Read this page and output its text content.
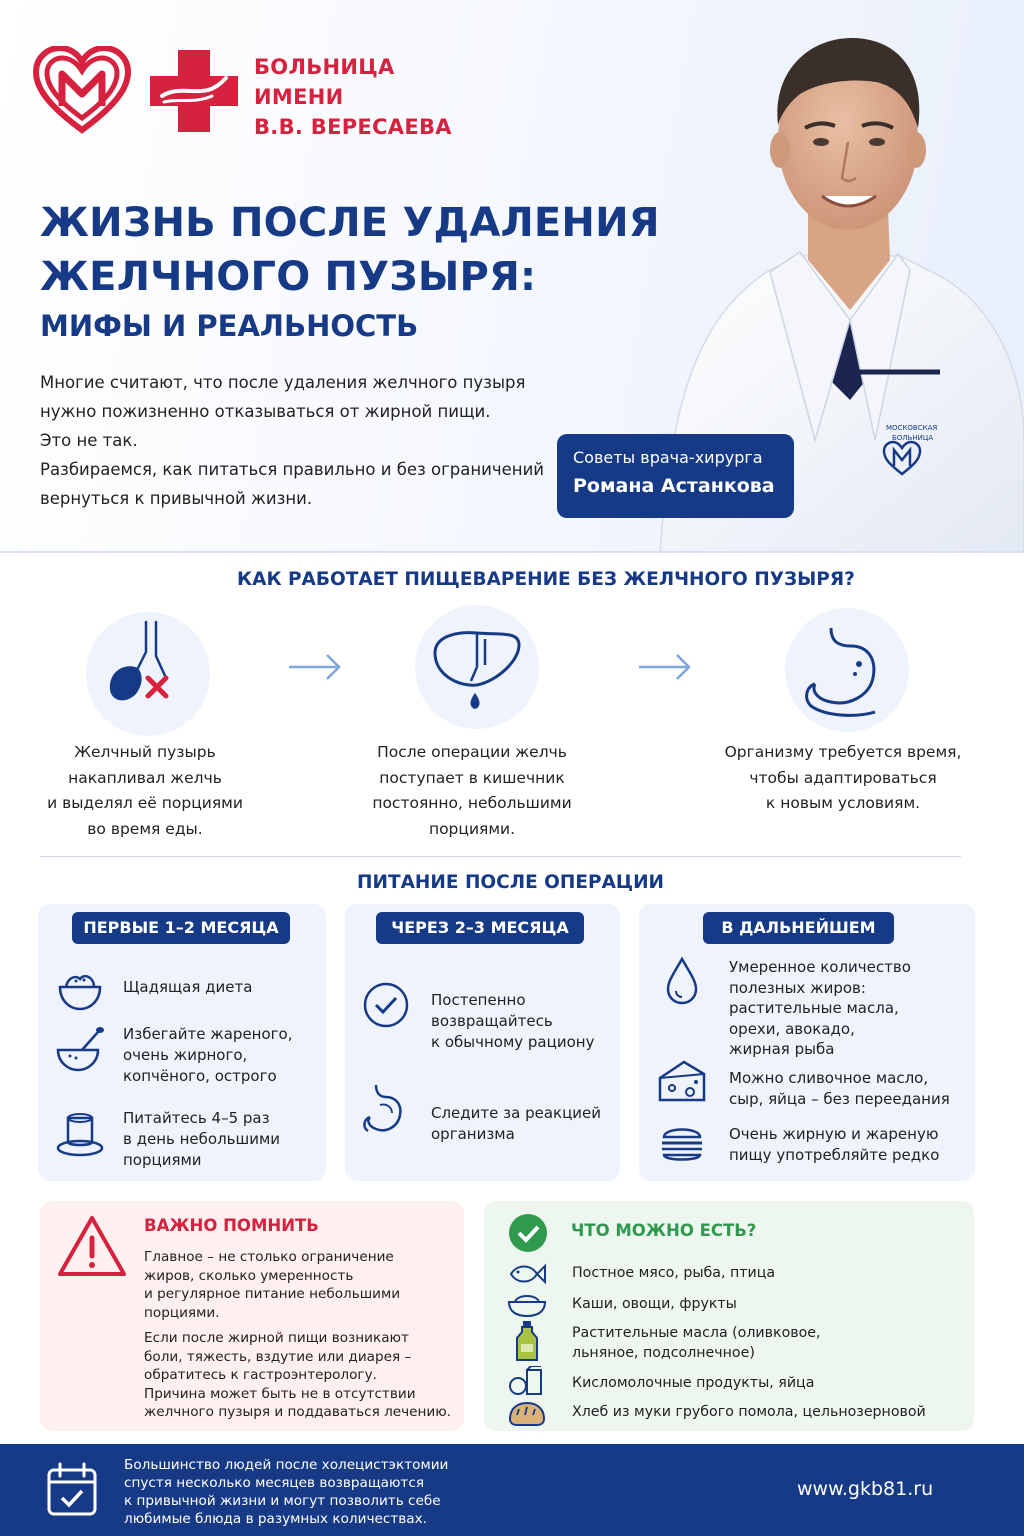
БОЛЬНИЦА
ИМЕНИ
В.В. ВЕРЕСАЕВА
ЖИЗНЬ ПОСЛЕ УДАЛЕНИЯ
ЖЕЛЧНОГО ПУЗЫРЯ:
МИФЫ И РЕАЛЬНОСТЬ
Многие считают, что после удаления желчного пузыря
нужно пожизненно отказываться от жирной пищи.
Это не так.
Разбираемся, как питаться правильно и без ограничений
вернуться к привычной жизни.
МОСКОВСКАЯ
БОЛЬНИЦА
Советы врача-хирурга
Романа Астанкова
КАК РАБОТАЕТ ПИЩЕВАРЕНИЕ БЕЗ ЖЕЛЧНОГО ПУЗЫРЯ?
Желчный пузырь
накапливал желчь
и выделял её порциями
во время еды.
После операции желчь
поступает в кишечник
постоянно, небольшими
порциями.
Организму требуется время,
чтобы адаптироваться
к новым условиям.
ПИТАНИЕ ПОСЛЕ ОПЕРАЦИИ
ПЕРВЫЕ 1–2 МЕСЯЦА
Щадящая диета
Избегайте жареного,
очень жирного,
копчёного, острого
Питайтесь 4–5 раз
в день небольшими
порциями
ЧЕРЕЗ 2–3 МЕСЯЦА
Постепенно
возвращайтесь
к обычному рациону
Следите за реакцией
организма
В ДАЛЬНЕЙШЕМ
Умеренное количество
полезных жиров:
растительные масла,
орехи, авокадо,
жирная рыба
Можно сливочное масло,
сыр, яйца – без переедания
Очень жирную и жареную
пищу употребляйте редко
ВАЖНО ПОМНИТЬ
Главное – не столько ограничение
жиров, сколько умеренность
и регулярное питание небольшими
порциями.
Если после жирной пищи возникают
боли, тяжесть, вздутие или диарея –
обратитесь к гастроэнтерологу.
Причина может быть не в отсутствии
желчного пузыря и поддаваться лечению.
ЧТО МОЖНО ЕСТЬ?
Постное мясо, рыба, птица
Каши, овощи, фрукты
Растительные масла (оливковое,
льняное, подсолнечное)
Кисломолочные продукты, яйца
Хлеб из муки грубого помола, цельнозерновой
Большинство людей после холецистэктомии
спустя несколько месяцев возвращаются
к привычной жизни и могут позволить себе
любимые блюда в разумных количествах.
www.gkb81.ru
